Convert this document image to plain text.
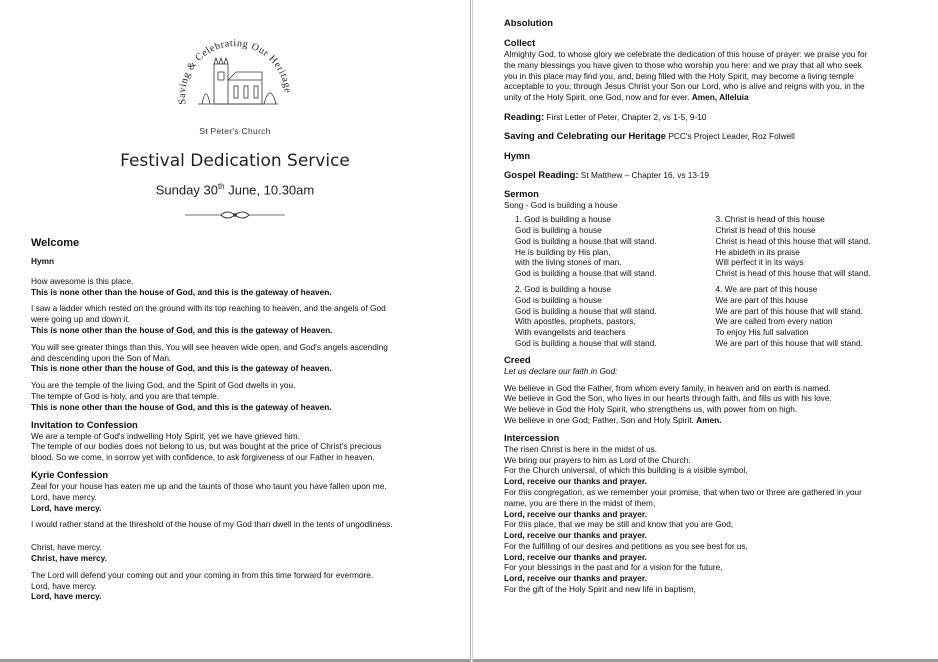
Saving & Celebrating Our Heritage
St Peter's Church
Festival Dedication Service
Sunday 30th June, 10.30am

Welcome

Hymn

How awesome is this place.

This is none other than the house of God, and this is the gateway of heaven.

I saw a ladder which rested on the ground with its top reaching to heaven, and the angels of God

were going up and down it.

This is none other than the house of God, and this is the gateway of Heaven.

You will see greater things than this. You will see heaven wide open, and God's angels ascending

and descending upon the Son of Man.

This is none other than the house of God, and this is the gateway of heaven.

You are the temple of the living God, and the Spirit of God dwells in you.

The temple of God is holy, and you are that temple.

This is none other than the house of God, and this is the gateway of heaven.

Invitation to Confession

We are a temple of God's indwelling Holy Spirit, yet we have grieved him.

The temple of our bodies does not belong to us, but was bought at the price of Christ's precious

blood. So we come, in sorrow yet with confidence, to ask forgiveness of our Father in heaven.

Kyrie Confession

Zeal for your house has eaten me up and the taunts of those who taunt you have fallen upon me.

Lord, have mercy.

Lord, have mercy.

I would rather stand at the threshold of the house of my God than dwell in the tents of ungodliness.

Christ, have mercy.

Christ, have mercy.

The Lord will defend your coming out and your coming in from this time forward for evermore.

Lord, have mercy.

Lord, have mercy.

Absolution

Collect

Almighty God, to whose glory we celebrate the dedication of this house of prayer: we praise you for

the many blessings you have given to those who worship you here: and we pray that all who seek

you in this place may find you, and, being filled with the Holy Spirit, may become a living temple

acceptable to you; through Jesus Christ your Son our Lord, who is alive and reigns with you, in the

unity of the Holy Spirit, one God, now and for ever. Amen, Alleluia

Reading: First Letter of Peter, Chapter 2, vs 1-5, 9-10

Saving and Celebrating our Heritage PCC's Project Leader, Roz Folwell

Hymn

Gospel Reading: St Matthew – Chapter 16, vs 13-19

Sermon

Song - God is building a house

1. God is building a house

God is building a house

God is building a house that will stand.

He is building by His plan,

with the living stones of man,

God is building a house that will stand.

2. God is building a house

God is building a house

God is building a house that will stand.

With apostles, prophets, pastors,

With evangelists and teachers

God is building a house that will stand.

3. Christ is head of this house

Christ is head of this house

Christ is head of this house that will stand.

He abideth in its praise

Will perfect it in its ways

Christ is head of this house that will stand.

4. We are part of this house

We are part of this house

We are part of this house that will stand.

We are called from every nation

To enjoy His full salvation

We are part of this house that will stand.

Creed

Let us declare our faith in God:

We believe in God the Father, from whom every family, in heaven and on earth is named.

We believe in God the Son, who lives in our hearts through faith, and fills us with his love.

We believe in God the Holy Spirit, who strengthens us, with power from on high.

We believe in one God; Father, Son and Holy Spirit. Amen.

Intercession

The risen Christ is here in the midst of us.

We bring our prayers to him as Lord of the Church.

For the Church universal, of which this building is a visible symbol,

Lord, receive our thanks and prayer.

For this congregation, as we remember your promise, that when two or three are gathered in your

name, you are there in the midst of them,

Lord, receive our thanks and prayer.

For this place, that we may be still and know that you are God,

Lord, receive our thanks and prayer.

For the fulfilling of our desires and petitions as you see best for us,

Lord, receive our thanks and prayer.

For your blessings in the past and for a vision for the future,

Lord, receive our thanks and prayer.

For the gift of the Holy Spirit and new life in baptism,
